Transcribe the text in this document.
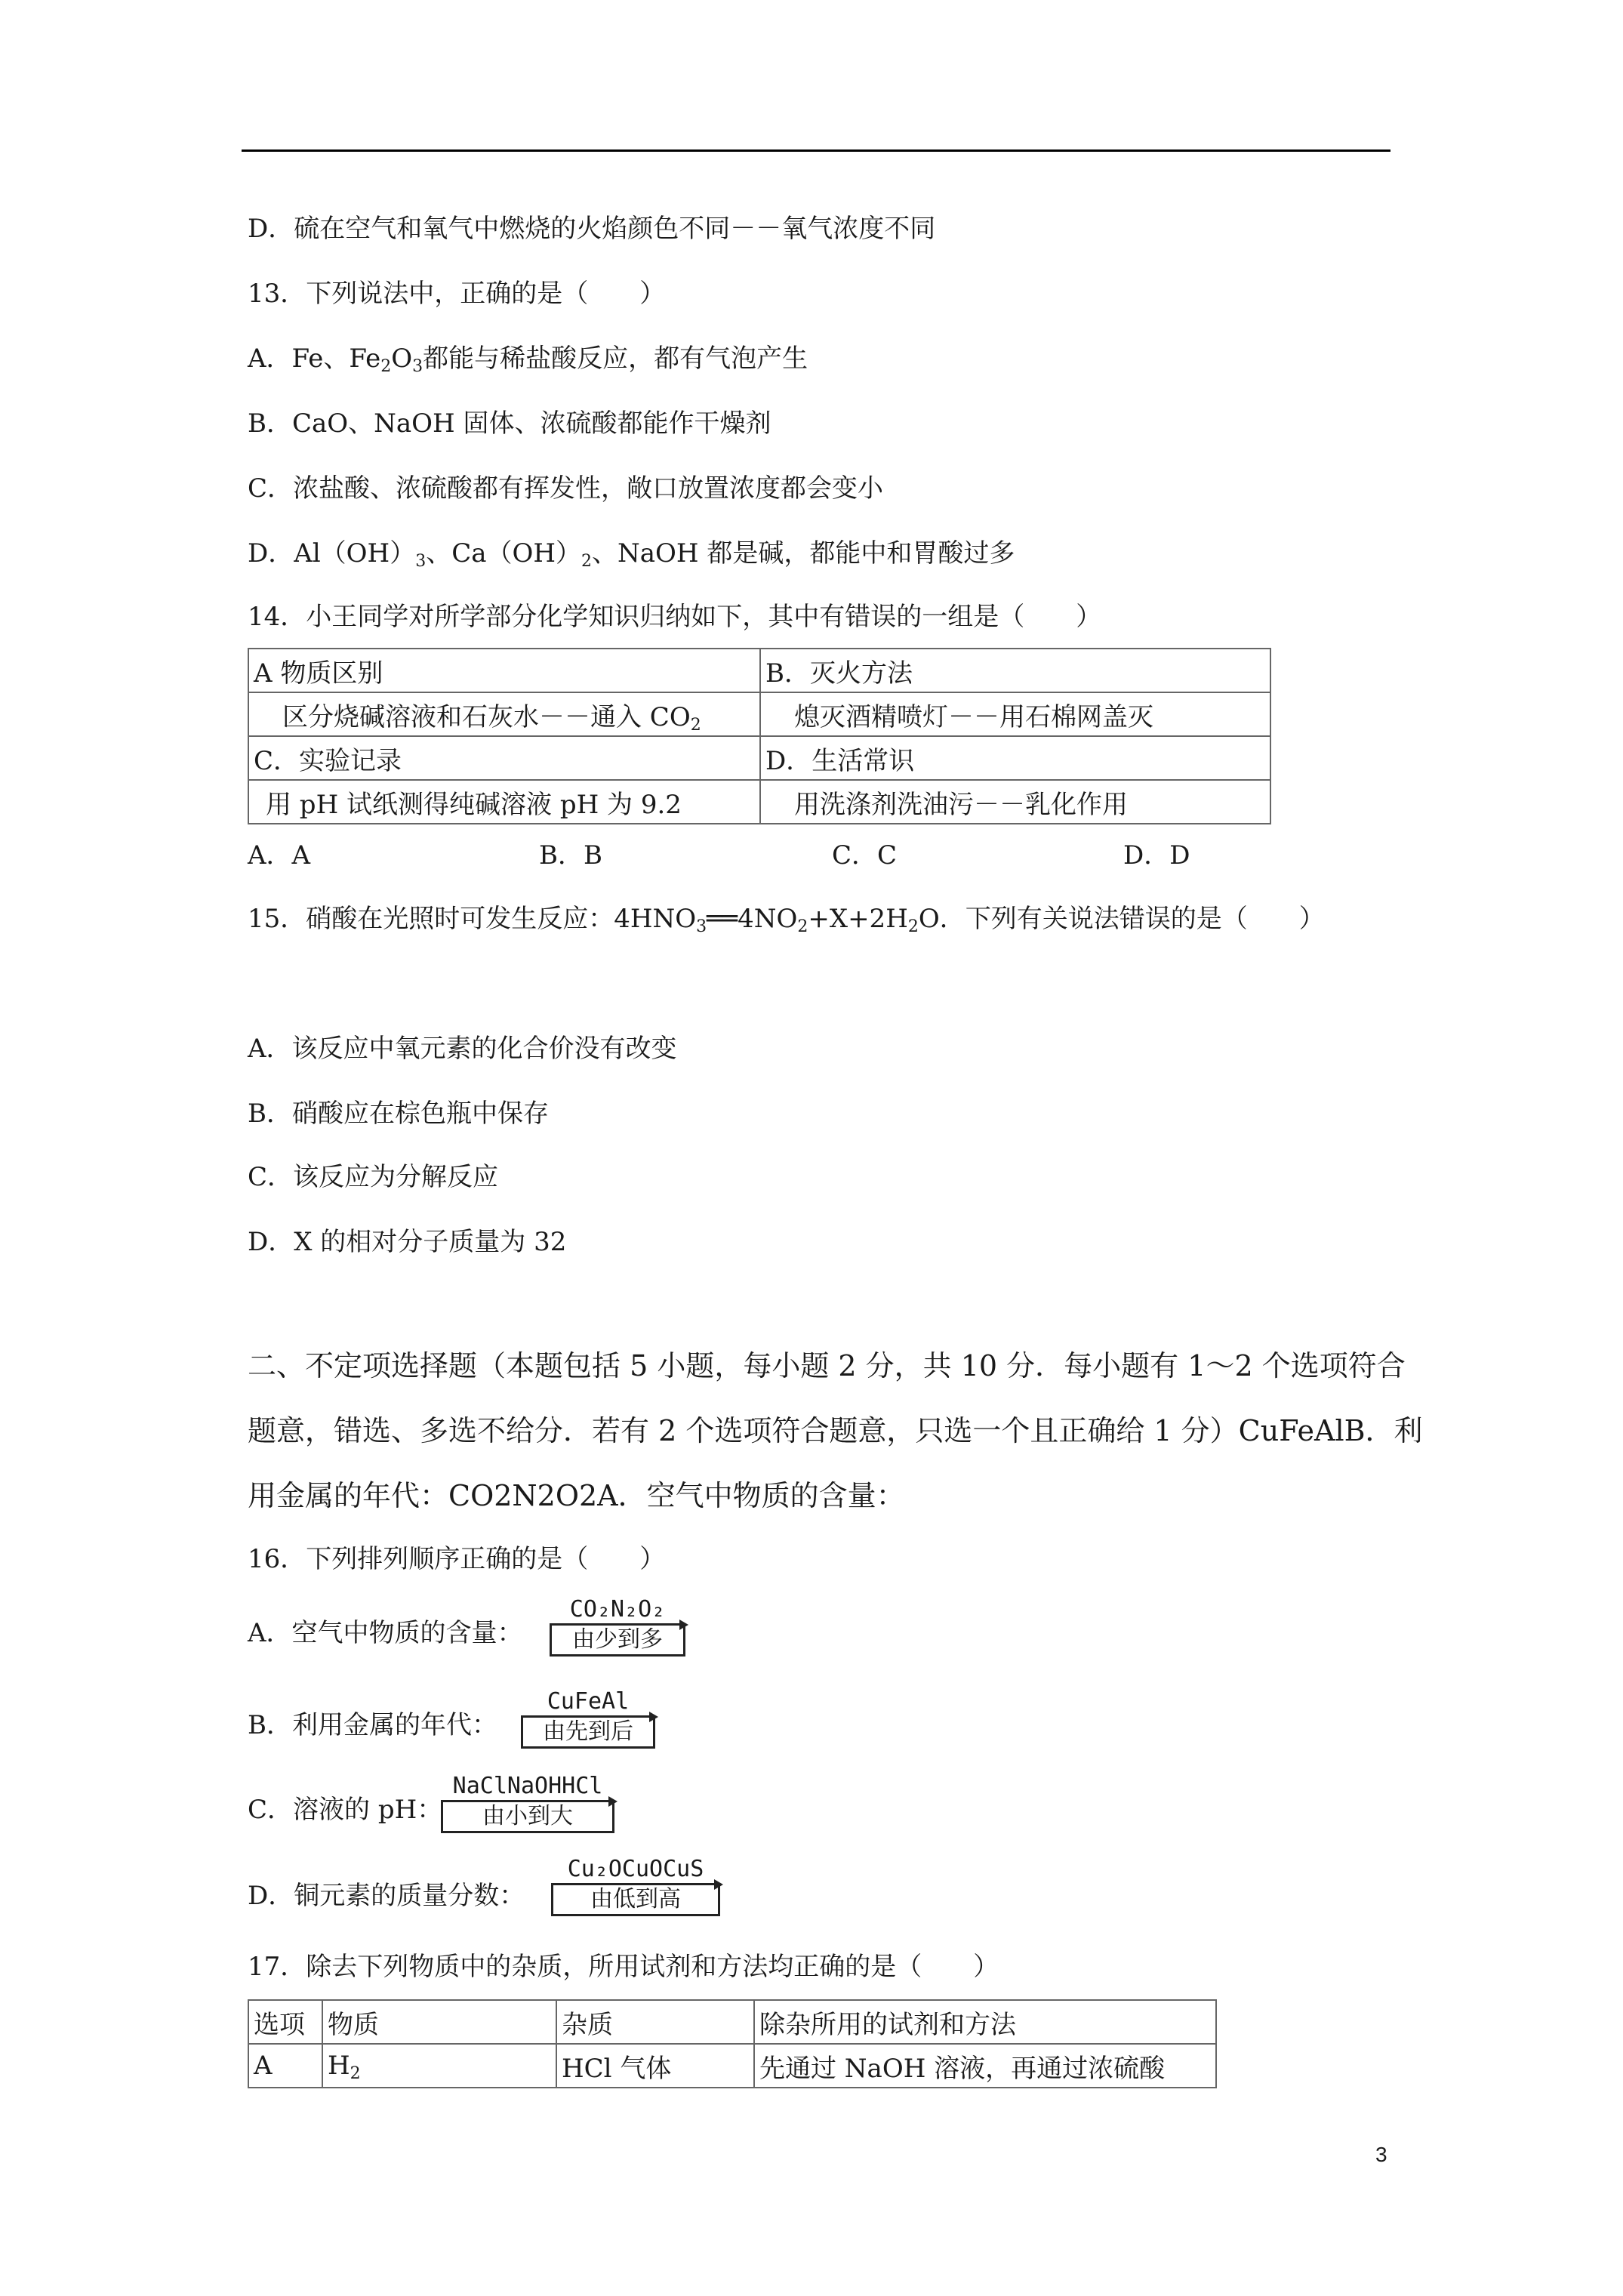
D．硫在空气和氧气中燃烧的火焰颜色不同－－氧气浓度不同
13．下列说法中，正确的是（　　）
A．Fe、$Fe_2O_3$都能与稀盐酸反应，都有气泡产生
B．CaO、NaOH 固体、浓硫酸都能作干燥剂
C．浓盐酸、浓硫酸都有挥发性，敞口放置浓度都会变小
D．$Al(OH)_3$、$Ca(OH)_2$、NaOH 都是碱，都能中和胃酸过多
14．小王同学对所学部分化学知识归纳如下，其中有错误的一组是（　　）
A 物质区别	B．灭火方法
区分烧碱溶液和石灰水－－通入 $CO_2$	熄灭酒精喷灯－－用石棉网盖灭
C．实验记录	D．生活常识
用 pH 试纸测得纯碱溶液 pH 为 9.2	用洗涤剂洗油污－－乳化作用
A．A	B．B	C．C	D．D
15．硝酸在光照时可发生反应：$4HNO_3══4NO_2+X+2H_2O$．下列有关说法错误的是（　　）
A．该反应中氧元素的化合价没有改变
B．硝酸应在棕色瓶中保存
C．该反应为分解反应
D．X 的相对分子质量为 32
二、不定项选择题（本题包括 5 小题，每小题 2 分，共 10 分．每小题有 1～2 个选项符合
题意，错选、多选不给分．若有 2 个选项符合题意，只选一个且正确给 1 分）CuFeAlB．利
用金属的年代：CO2N2O2A．空气中物质的含量：
16．下列排列顺序正确的是（　　）
A．空气中物质的含量：
CO₂N₂O₂
由少到多
B．利用金属的年代：
CuFeAl
由先到后
C．溶液的 pH：
NaClNaOHHCl
由小到大
D．铜元素的质量分数：
Cu₂OCuOCuS
由低到高
17．除去下列物质中的杂质，所用试剂和方法均正确的是（　　）
选项	物质	杂质	除杂所用的试剂和方法
A	$H_2$	HCl 气体	先通过 NaOH 溶液，再通过浓硫酸
3
